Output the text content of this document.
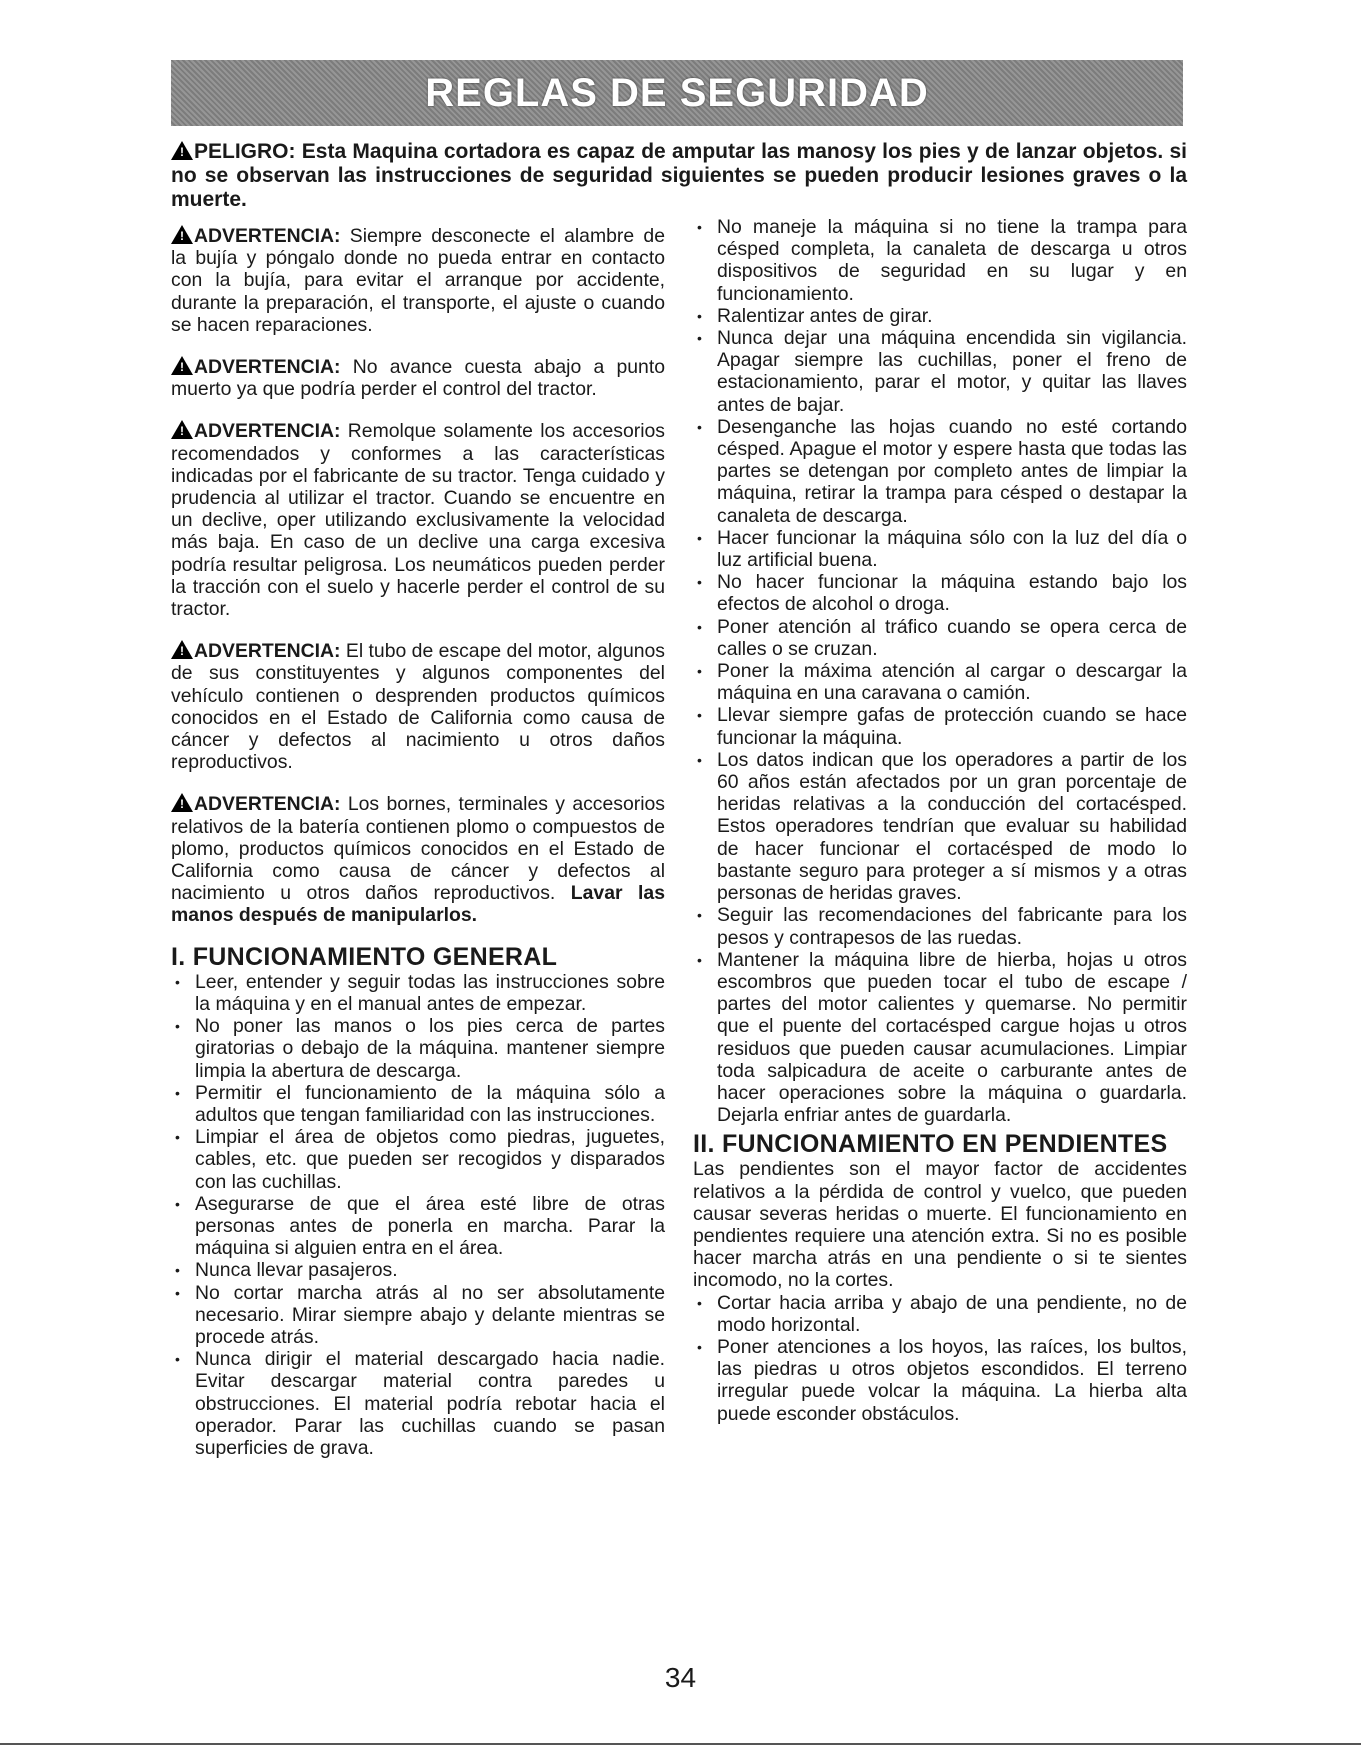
REGLAS DE SEGURIDAD
!PELIGRO: Esta Maquina cortadora es capaz de amputar las manosy los pies y de lanzar objetos. si no se observan las instrucciones de seguridad siguientes se pueden producir lesiones graves o la muerte.

!ADVERTENCIA: Siempre desconecte el alambre de la bujía y póngalo donde no pueda entrar en contacto con la bujía, para evitar el arranque por accidente, durante la preparación, el transporte, el ajuste o cuando se hacen reparaciones.

!ADVERTENCIA: No avance cuesta abajo a punto muerto ya que podría perder el control del tractor.

!ADVERTENCIA: Remolque solamente los accesorios recomendados y conformes a las características indicadas por el fabricante de su tractor. Tenga cuidado y prudencia al utilizar el tractor. Cuando se encuentre en un declive, oper utilizando exclusivamente la velocidad más baja. En caso de un declive una carga excesiva podría resultar peligrosa. Los neumáticos pueden perder la tracción con el suelo y hacerle perder el control de su tractor.

!ADVERTENCIA: El tubo de escape del motor, algunos de sus constituyentes y algunos componentes del vehículo contienen o desprenden productos químicos conocidos en el Estado de California como causa de cáncer y defectos al nacimiento u otros daños reproductivos.

!ADVERTENCIA: Los bornes, terminales y accesorios relativos de la batería contienen plomo o compuestos de plomo, productos químicos conocidos en el Estado de California como causa de cáncer y defectos al nacimiento u otros daños reproductivos. Lavar las manos después de manipularlos.

I. FUNCIONAMIENTO GENERAL
• Leer, entender y seguir todas las instrucciones sobre la máquina y en el manual antes de empezar.
• No poner las manos o los pies cerca de partes giratorias o debajo de la máquina. mantener siempre limpia la abertura de descarga.
• Permitir el funcionamiento de la máquina sólo a adultos que tengan familiaridad con las instrucciones.
• Limpiar el área de objetos como piedras, juguetes, cables, etc. que pueden ser recogidos y disparados con las cuchillas.
• Asegurarse de que el área esté libre de otras personas antes de ponerla en marcha. Parar la máquina si alguien entra en el área.
• Nunca llevar pasajeros.
• No cortar marcha atrás al no ser absolutamente necesario. Mirar siempre abajo y delante mientras se procede atrás.
• Nunca dirigir el material descargado hacia nadie. Evitar descargar material contra paredes u obstrucciones. El material podría rebotar hacia el operador. Parar las cuchillas cuando se pasan superficies de grava.
• No maneje la máquina si no tiene la trampa para césped completa, la canaleta de descarga u otros dispositivos de seguridad en su lugar y en funcionamiento.
• Ralentizar antes de girar.
• Nunca dejar una máquina encendida sin vigilancia. Apagar siempre las cuchillas, poner el freno de estacionamiento, parar el motor, y quitar las llaves antes de bajar.
• Desenganche las hojas cuando no esté cortando césped. Apague el motor y espere hasta que todas las partes se detengan por completo antes de limpiar la máquina, retirar la trampa para césped o destapar la canaleta de descarga.
• Hacer funcionar la máquina sólo con la luz del día o luz artificial buena.
• No hacer funcionar la máquina estando bajo los efectos de alcohol o droga.
• Poner atención al tráfico cuando se opera cerca de calles o se cruzan.
• Poner la máxima atención al cargar o descargar la máquina en una caravana o camión.
• Llevar siempre gafas de protección cuando se hace funcionar la máquina.
• Los datos indican que los operadores a partir de los 60 años están afectados por un gran porcentaje de heridas relativas a la conducción del cortacésped. Estos operadores tendrían que evaluar su habilidad de hacer funcionar el cortacésped de modo lo bastante seguro para proteger a sí mismos y a otras personas de heridas graves.
• Seguir las recomendaciones del fabricante para los pesos y contrapesos de las ruedas.
• Mantener la máquina libre de hierba, hojas u otros escombros que pueden tocar el tubo de escape / partes del motor calientes y quemarse. No permitir que el puente del cortacésped cargue hojas u otros residuos que pueden causar acumulaciones. Limpiar toda salpicadura de aceite o carburante antes de hacer operaciones sobre la máquina o guardarla. Dejarla enfriar antes de guardarla.
II. FUNCIONAMIENTO EN PENDIENTES

Las pendientes son el mayor factor de accidentes relativos a la pérdida de control y vuelco, que pueden causar severas heridas o muerte. El funcionamiento en pendientes requiere una atención extra. Si no es posible hacer marcha atrás en una pendiente o si te sientes incomodo, no la cortes.

• Cortar hacia arriba y abajo de una pendiente, no de modo horizontal.
• Poner atenciones a los hoyos, las raíces, los bultos, las piedras u otros objetos escondidos. El terreno irregular puede volcar la máquina. La hierba alta puede esconder obstáculos.
34
